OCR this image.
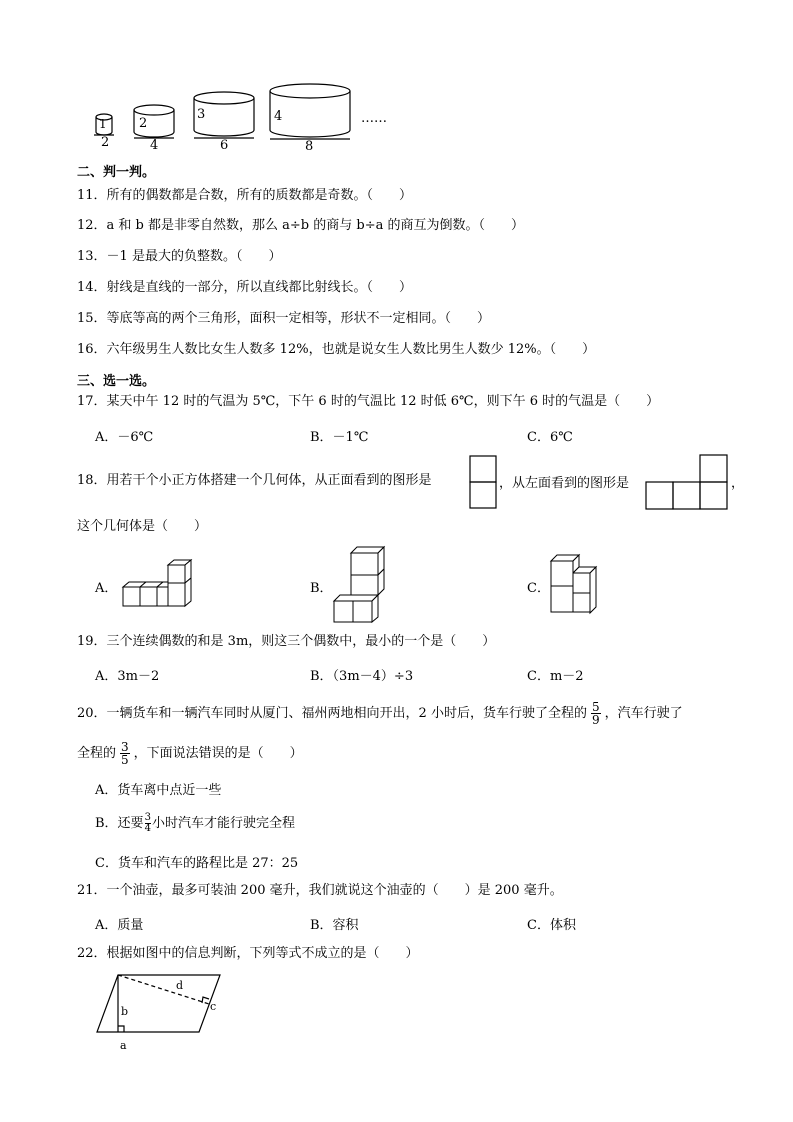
1
2
2
4
3
6
4
8
……
二、判一判。
11．所有的偶数都是合数，所有的质数都是奇数。（　　）
12．a 和 b 都是非零自然数，那么 a÷b 的商与 b÷a 的商互为倒数。（　　）
13．－1 是最大的负整数。（　　）
14．射线是直线的一部分，所以直线都比射线长。（　　）
15．等底等高的两个三角形，面积一定相等，形状不一定相同。（　　）
16．六年级男生人数比女生人数多 12%，也就是说女生人数比男生人数少 12%。（　　）
三、选一选。
17．某天中午 12 时的气温为 5℃，下午 6 时的气温比 12 时低 6℃，则下午 6 时的气温是（　　）
A．－6℃	B．－1℃	C．6℃
18．用若干个小正方体搭建一个几何体，从正面看到的图形是	，从左面看到的图形是	，
这个几何体是（　　）
A．	B．	C．
19．三个连续偶数的和是 3m，则这三个偶数中，最小的一个是（　　）
A．3m－2	B．（3m－4）÷3	C．m－2
20．一辆货车和一辆汽车同时从厦门、福州两地相向开出，2 小时后，货车行驶了全程的 $\frac{5}{9}$ ，汽车行驶了
全程的 $\frac{3}{5}$ ，下面说法错误的是（　　）
A．货车离中点近一些
B．还要 $\frac{3}{4}$ 小时汽车才能行驶完全程
C．货车和汽车的路程比是 27：25
21．一个油壶，最多可装油 200 毫升，我们就说这个油壶的（　　）是 200 毫升。
A．质量	B．容积	C．体积
22．根据如图中的信息判断，下列等式不成立的是（　　）
d
c
b
a
